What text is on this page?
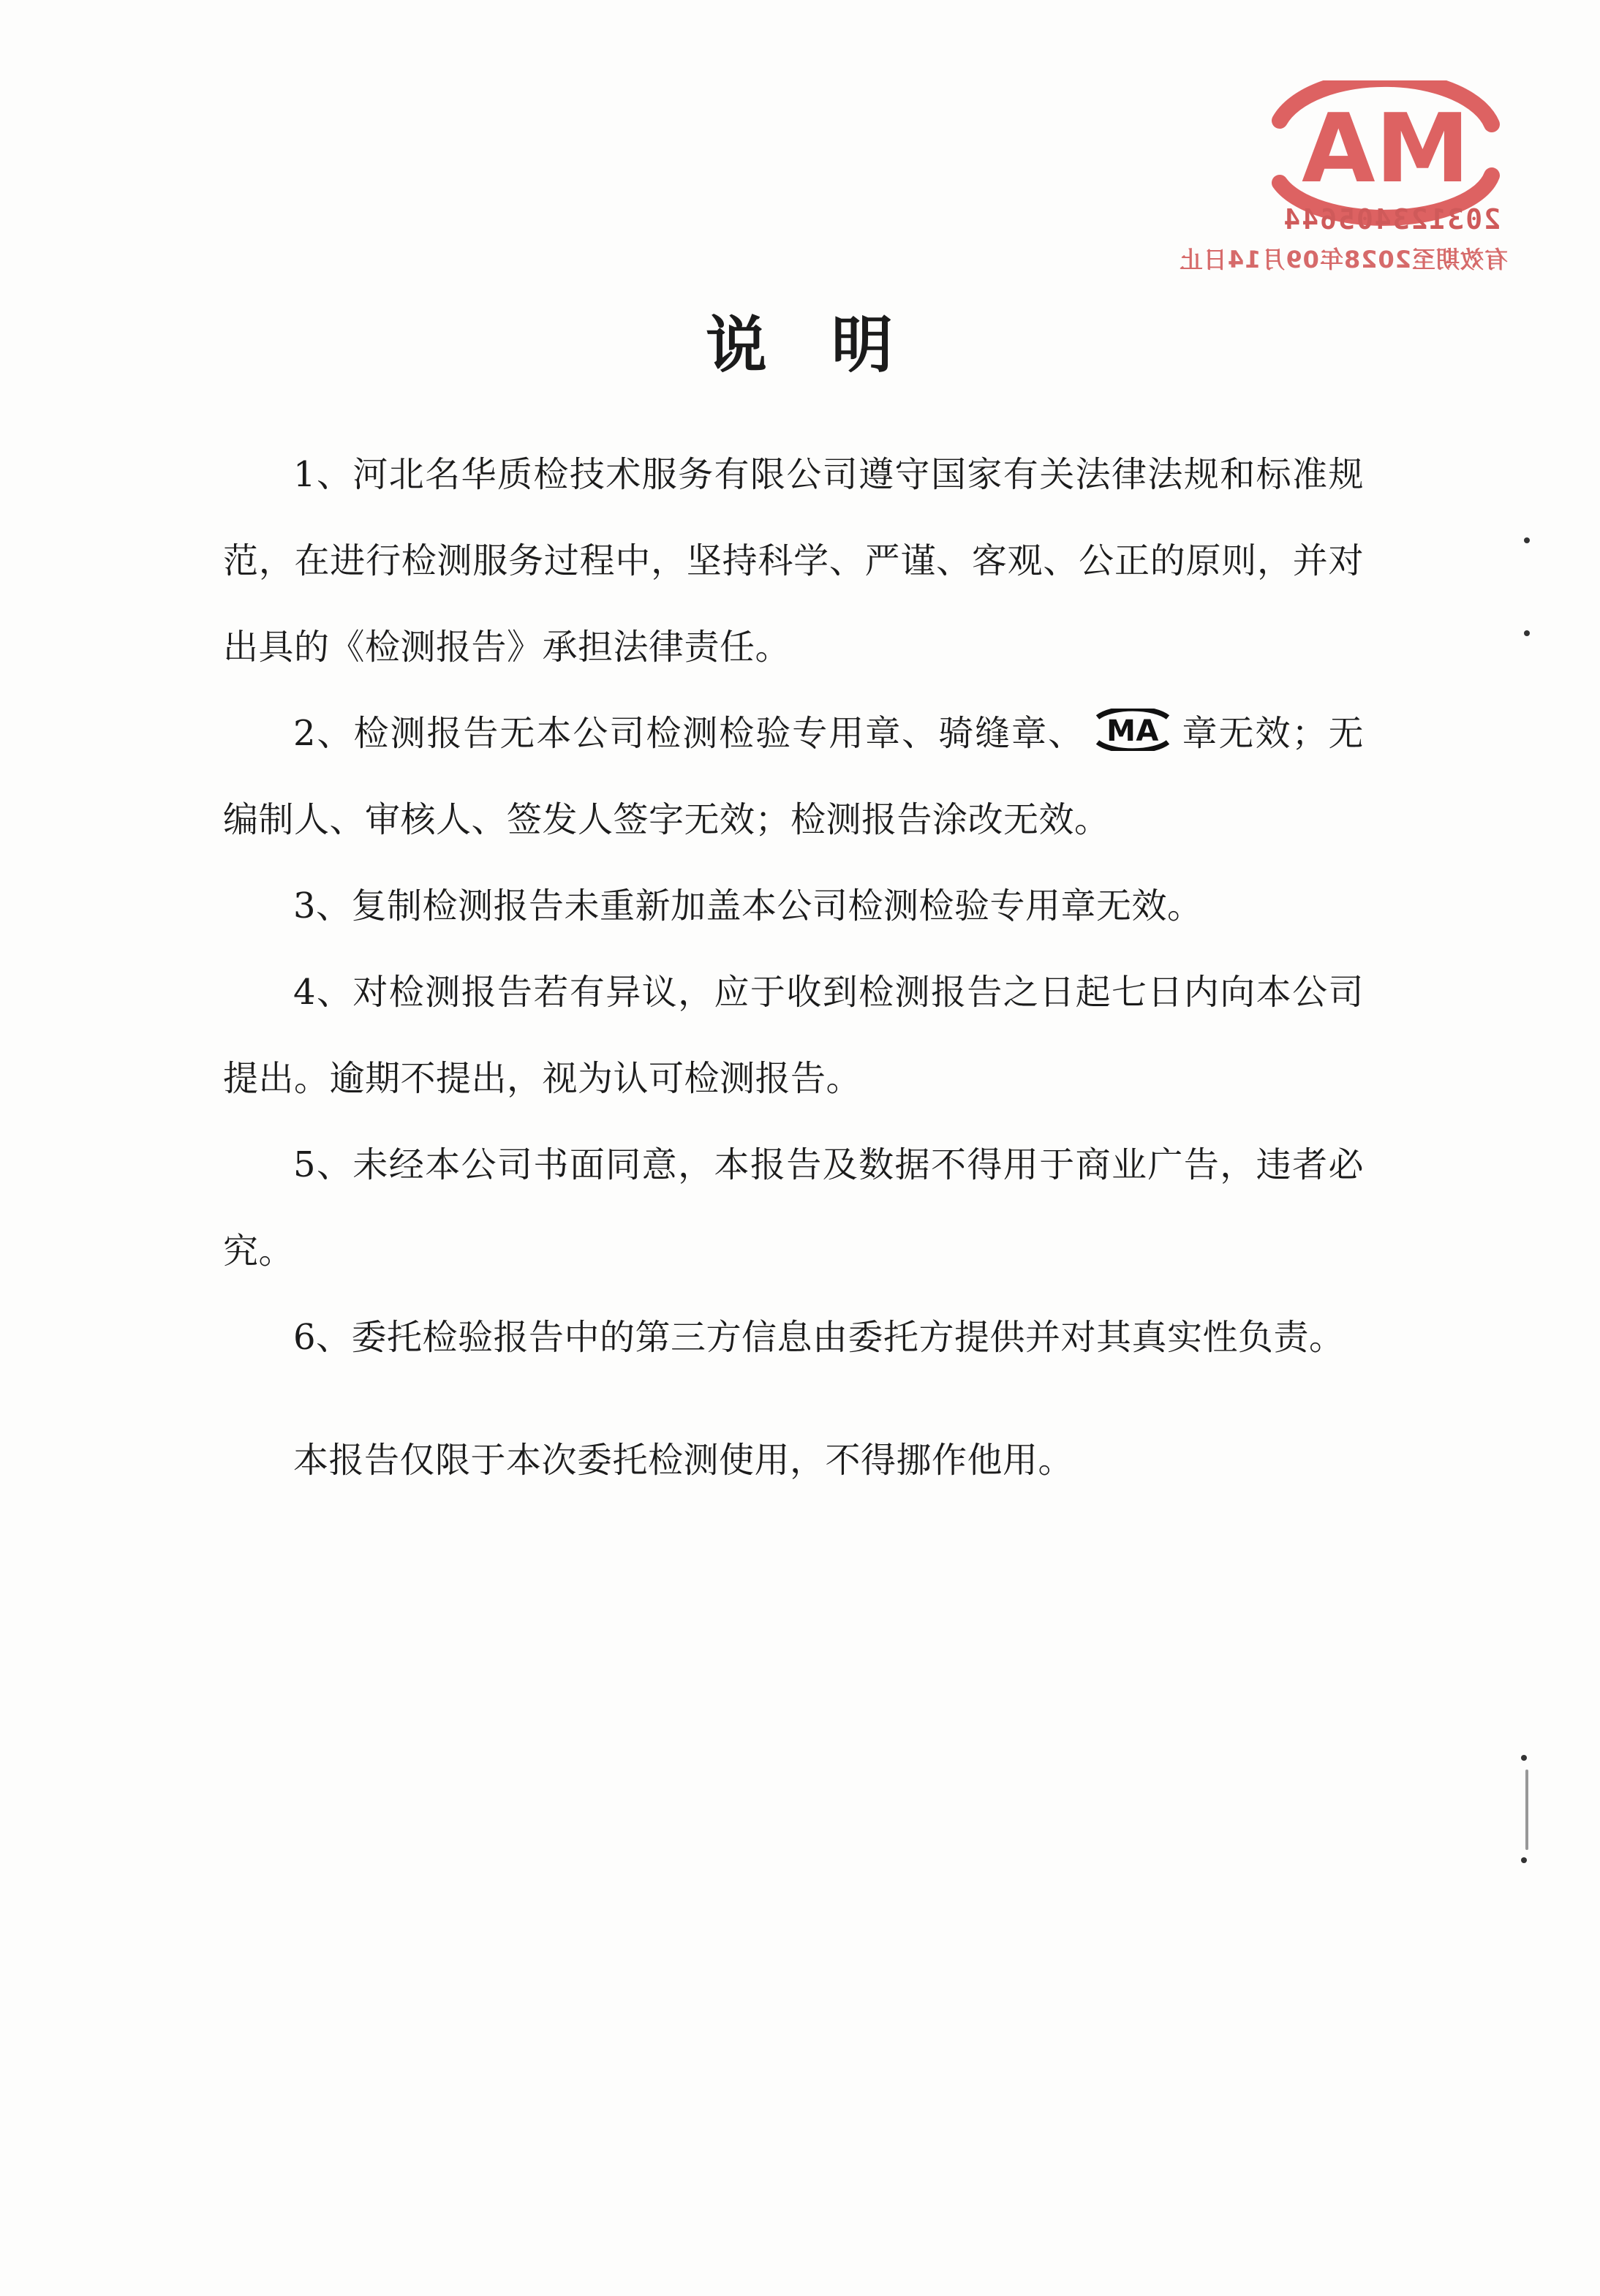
MA
203123405644
有效期至2028年09月14日止
说　明

1、河北名华质检技术服务有限公司遵守国家有关法律法规和标准规范，在进行检测服务过程中，坚持科学、严谨、客观、公正的原则，并对出具的《检测报告》承担法律责任。

2、检测报告无本公司检测检验专用章、骑缝章、 MA 章无效；无编制人、审核人、签发人签字无效；检测报告涂改无效。

3、复制检测报告未重新加盖本公司检测检验专用章无效。

4、对检测报告若有异议，应于收到检测报告之日起七日内向本公司提出。逾期不提出，视为认可检测报告。

5、未经本公司书面同意，本报告及数据不得用于商业广告，违者必究。

6、委托检验报告中的第三方信息由委托方提供并对其真实性负责。

本报告仅限于本次委托检测使用，不得挪作他用。
